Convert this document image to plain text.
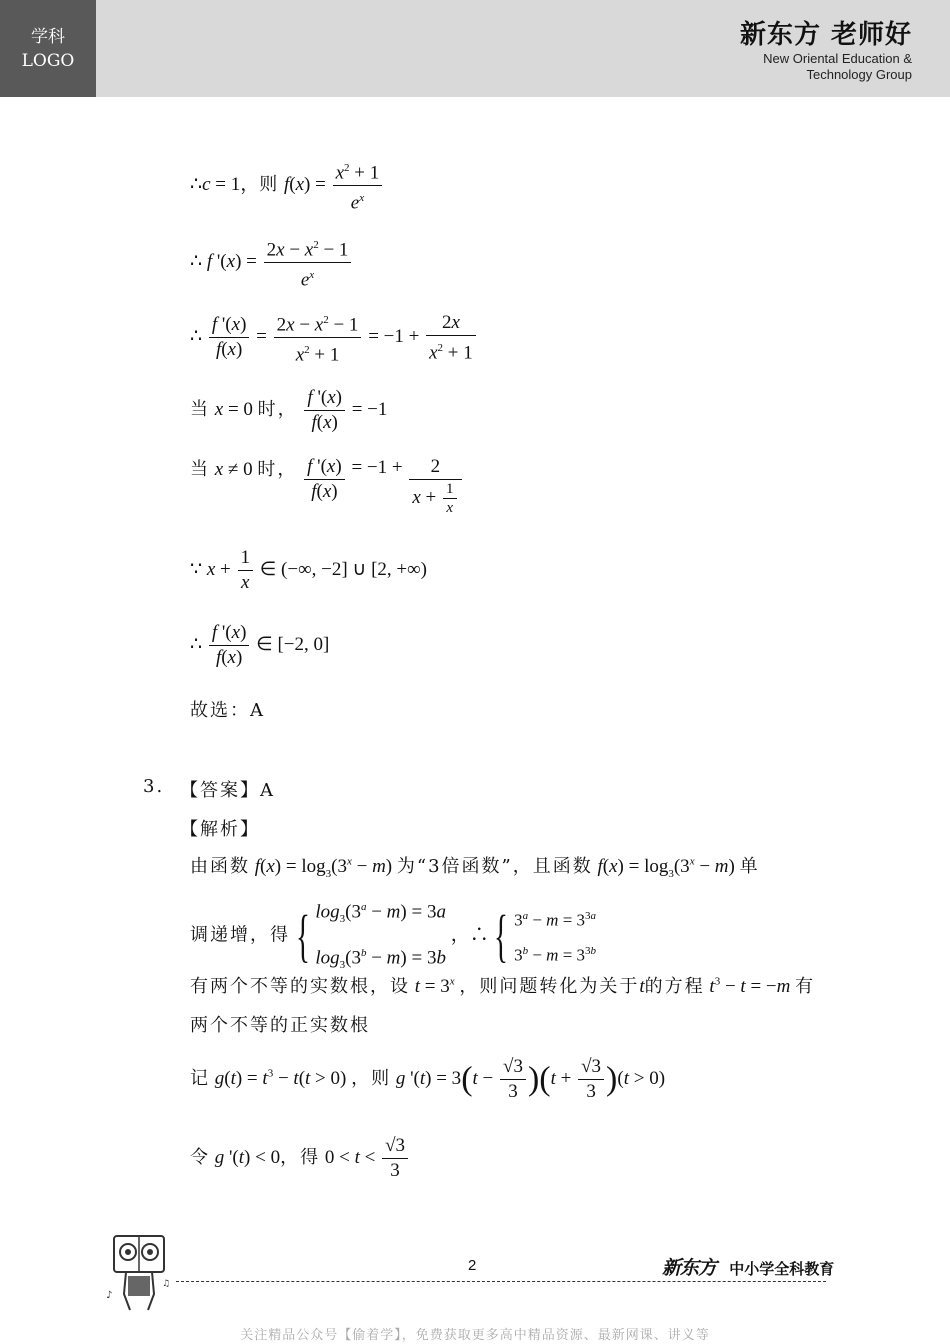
学科
LOGO
新东方 老师好
New Oriental Education &
Technology Group
∴c = 1，则 $f(x) = \frac{x^2 + 1}{e^x}$
∴ f '$(x) = \frac{2x - x^2 - 1}{e^x}$
∴ $\frac{f '(x)}{f(x)} = \frac{2x - x^2 - 1}{x^2 + 1} = -1 + \frac{2x}{x^2 + 1}$
当 x = 0 时， $\frac{f '(x)}{f(x)} = -1$
当 x ≠ 0 时， $\frac{f '(x)}{f(x)} = -1 + \frac{2}{x + \frac{1}{x}}$
∵ $x + \frac{1}{x}$ ∈ (−∞, −2] ∪ [2, +∞)
∴ $\frac{f '(x)}{f(x)}$ ∈ [−2, 0]
故选：A
3. 【答案】A
【解析】
由函数 $f(x) = \log_3(3^x - m)$ 为“3倍函数”，且函数 $f(x) = \log_3(3^x - m)$ 单
调递增，得 { $\log_3(3^a - m) = 3a$
$\log_3(3^b - m) = 3b$ ，∴ { $3^a - m = 3^{3a}$
$3^b - m = 3^{3b}$
有两个不等的实数根，设 $t = 3^x$ ，则问题转化为关于t的方程 $t^3 - t = -m$ 有
两个不等的正实数根
记 $g(t) = t^3 - t(t > 0)$ ，则 g '$(t) = 3(t - \frac{√3}{3} )(t + \frac{√3}{3} )(t > 0)$
令 g '(t) < 0，得 $0 < t < \frac{√3}{3}$
♪
♫
2	新东方 中小学全科教育
关注精品公众号【偷着学】，免费获取更多高中精品资源、最新网课、讲义等
